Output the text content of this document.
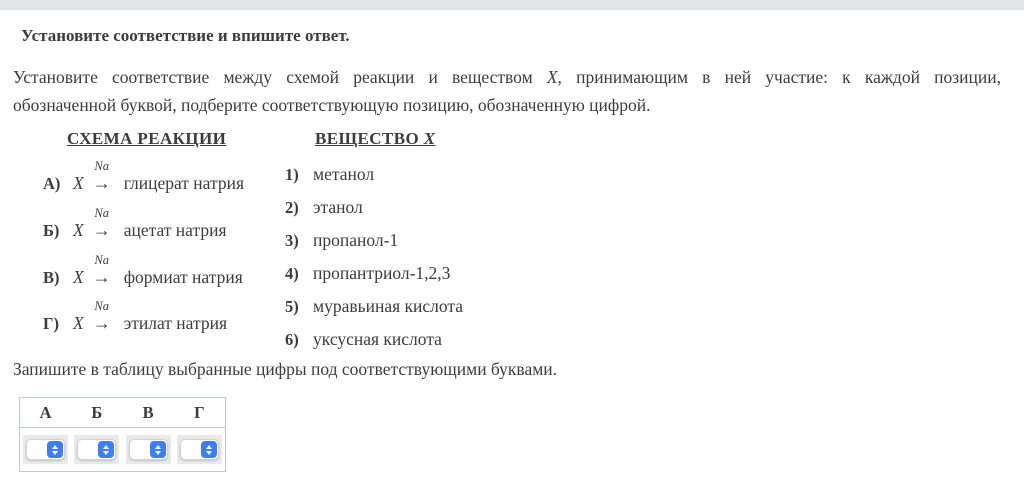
Установите соответствие и впишите ответ.
Установите соответствие между схемой реакции и веществом X, принимающим в ней участие: к каждой позиции,
обозначенной буквой, подберите соответствующую позицию, обозначенную цифрой.
СХЕМА РЕАКЦИИ	ВЕЩЕСТВО X
А) X
Na
→ глицерат натрия
Б) X
Na
→ ацетат натрия
В) X
Na
→ формиат натрия
Г) X
Na
→ этилат натрия
1) метанол
2) этанол
3) пропанол-1
4) пропантриол-1,2,3
5) муравьиная кислота
6) уксусная кислота
Запишите в таблицу выбранные цифры под соответствующими буквами.
А	Б	В	Г
